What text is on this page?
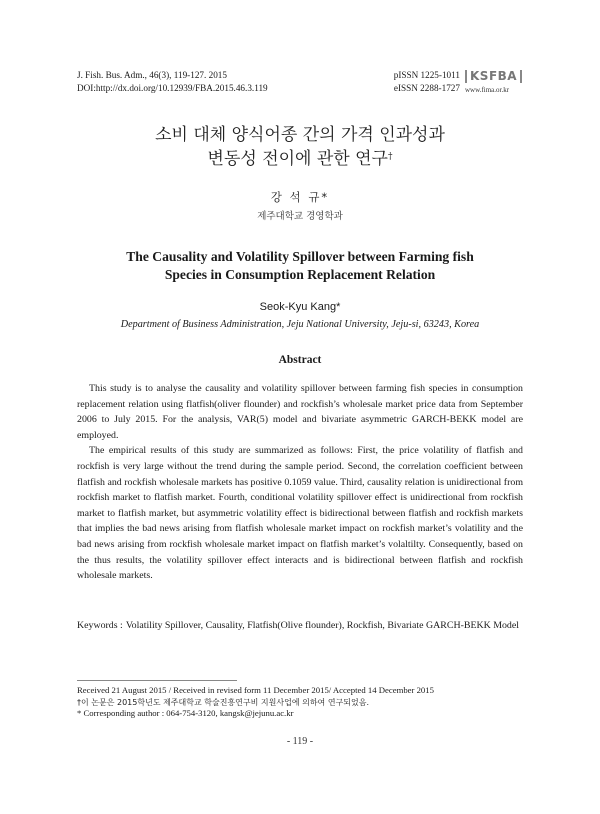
J. Fish. Bus. Adm., 46(3), 119-127. 2015
DOI:http://dx.doi.org/10.12939/FBA.2015.46.3.119
pISSN 1225-1011
eISSN 2288-1727
KSFBA
www.fima.or.kr
소비 대체 양식어종 간의 가격 인과성과
변동성 전이에 관한 연구†
강 석 규*
제주대학교 경영학과
The Causality and Volatility Spillover between Farming fish
Species in Consumption Replacement Relation
Seok-Kyu Kang*
Department of Business Administration, Jeju National University, Jeju-si, 63243, Korea
Abstract

This study is to analyse the causality and volatility spillover between farming fish species in consumption replacement relation using flatfish(oliver flounder) and rockfish’s wholesale market price data from September 2006 to July 2015. For the analysis, VAR(5) model and bivariate asymmetric GARCH-BEKK model are employed.

The empirical results of this study are summarized as follows: First, the price volatility of flatfish and rockfish is very large without the trend during the sample period. Second, the correlation coefficient between flatfish and rockfish wholesale markets has positive 0.1059 value. Third, causality relation is unidirectional from rockfish market to flatfish market. Fourth, conditional volatility spillover effect is unidirectional from rockfish market to flatfish market, but asymmetric volatility effect is bidirectional between flatfish and rockfish markets that implies the bad news arising from flatfish wholesale market impact on rockfish market’s volatility and the bad news arising from rockfish wholesale market impact on flatfish market’s volaltilty. Consequently, based on the thus results, the volatility spillover effect interacts and is bidirectional between flatfish and rockfish wholesale markets.

Keywords : Volatility Spillover, Causality, Flatfish(Olive flounder), Rockfish, Bivariate GARCH-BEKK Model
Received 21 August 2015 / Received in revised form 11 December 2015/ Accepted 14 December 2015
†이 논문은 2015학년도 제주대학교 학술진흥연구비 지원사업에 의하여 연구되었음.
* Corresponding author : 064-754-3120, kangsk@jejunu.ac.kr
- 119 -
